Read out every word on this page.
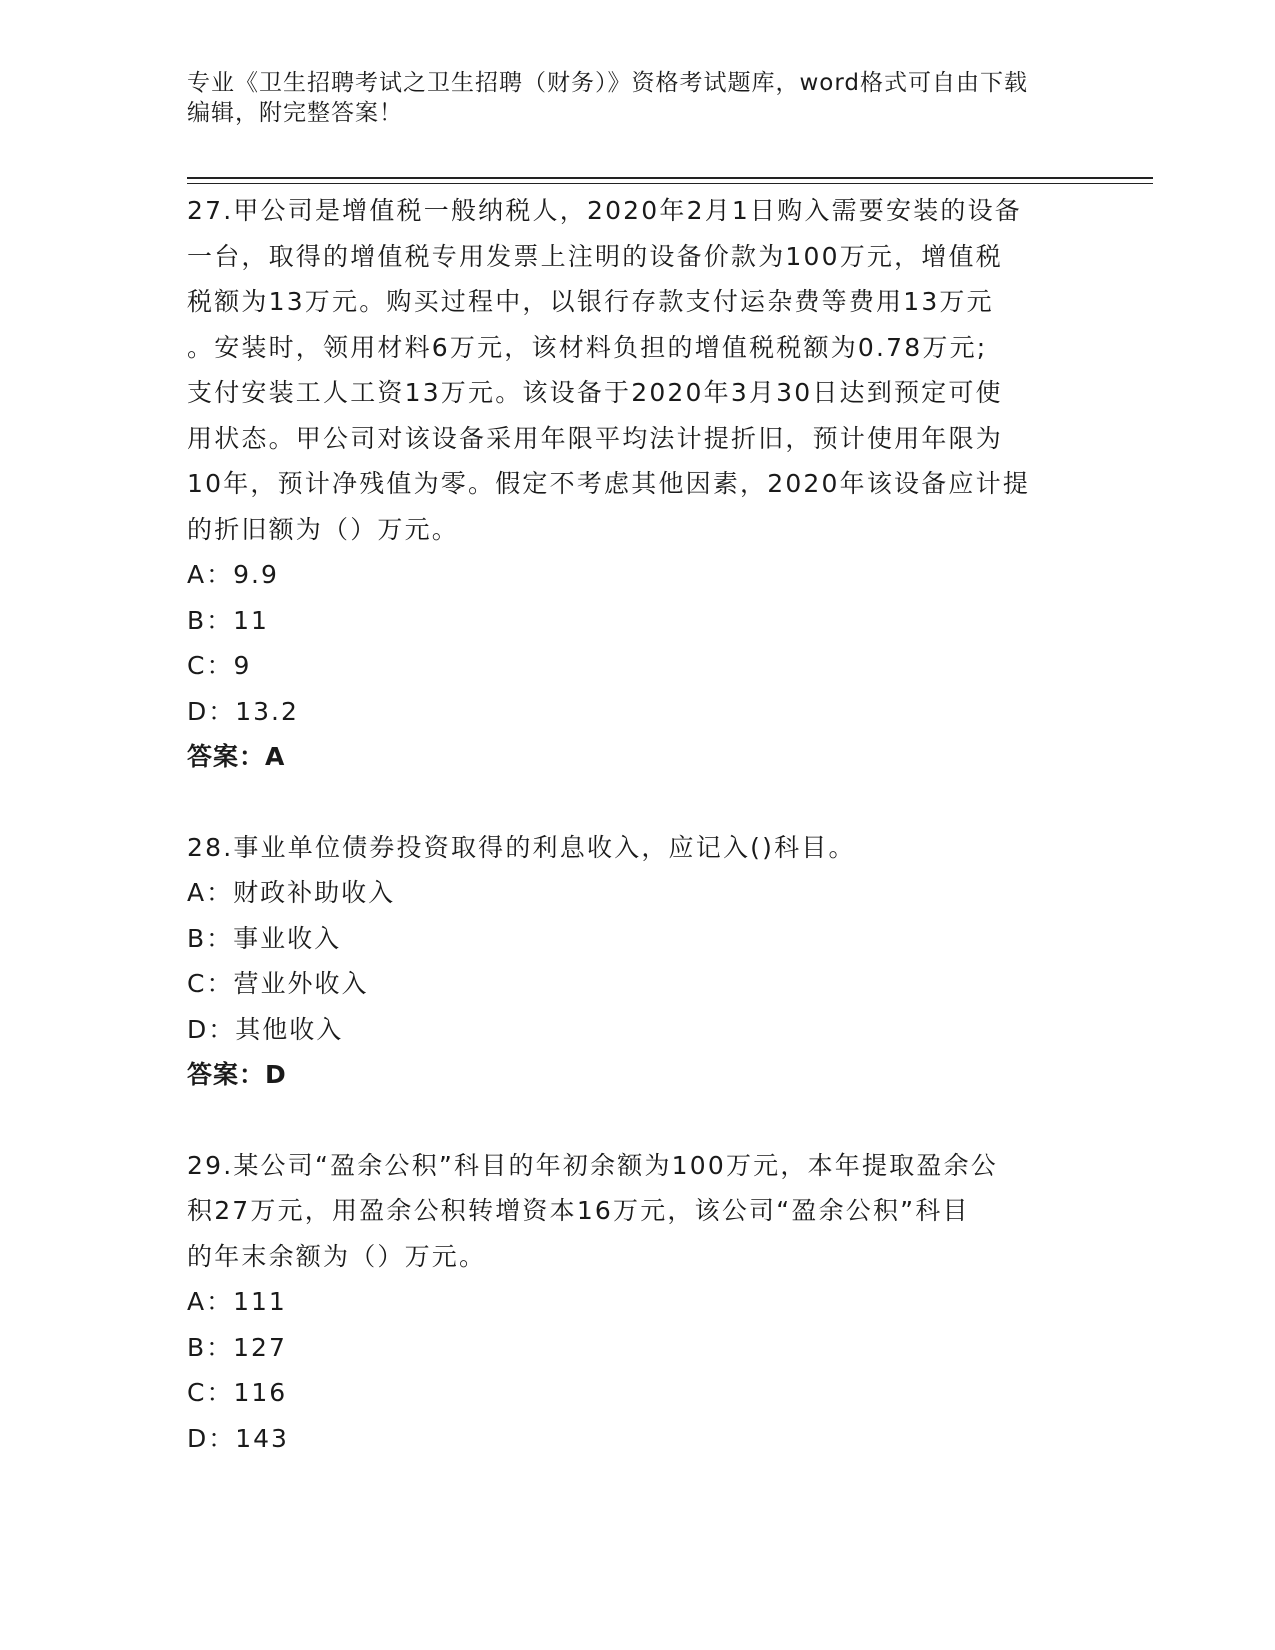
专业《卫生招聘考试之卫生招聘（财务）》资格考试题库，word格式可自由下载
编辑，附完整答案！
27.甲公司是增值税一般纳税人，2020年2月1日购入需要安装的设备
一台，取得的增值税专用发票上注明的设备价款为100万元，增值税
税额为13万元。购买过程中，以银行存款支付运杂费等费用13万元
。安装时，领用材料6万元，该材料负担的增值税税额为0.78万元;
支付安装工人工资13万元。该设备于2020年3月30日达到预定可使
用状态。甲公司对该设备采用年限平均法计提折旧，预计使用年限为
10年，预计净残值为零。假定不考虑其他因素，2020年该设备应计提
的折旧额为（）万元。
A：9.9
B：11
C：9
D：13.2
答案：A
28.事业单位债券投资取得的利息收入，应记入()科目。
A：财政补助收入
B：事业收入
C：营业外收入
D：其他收入
答案：D
29.某公司“盈余公积”科目的年初余额为100万元，本年提取盈余公
积27万元，用盈余公积转增资本16万元，该公司“盈余公积”科目
的年末余额为（）万元。
A：111
B：127
C：116
D：143
